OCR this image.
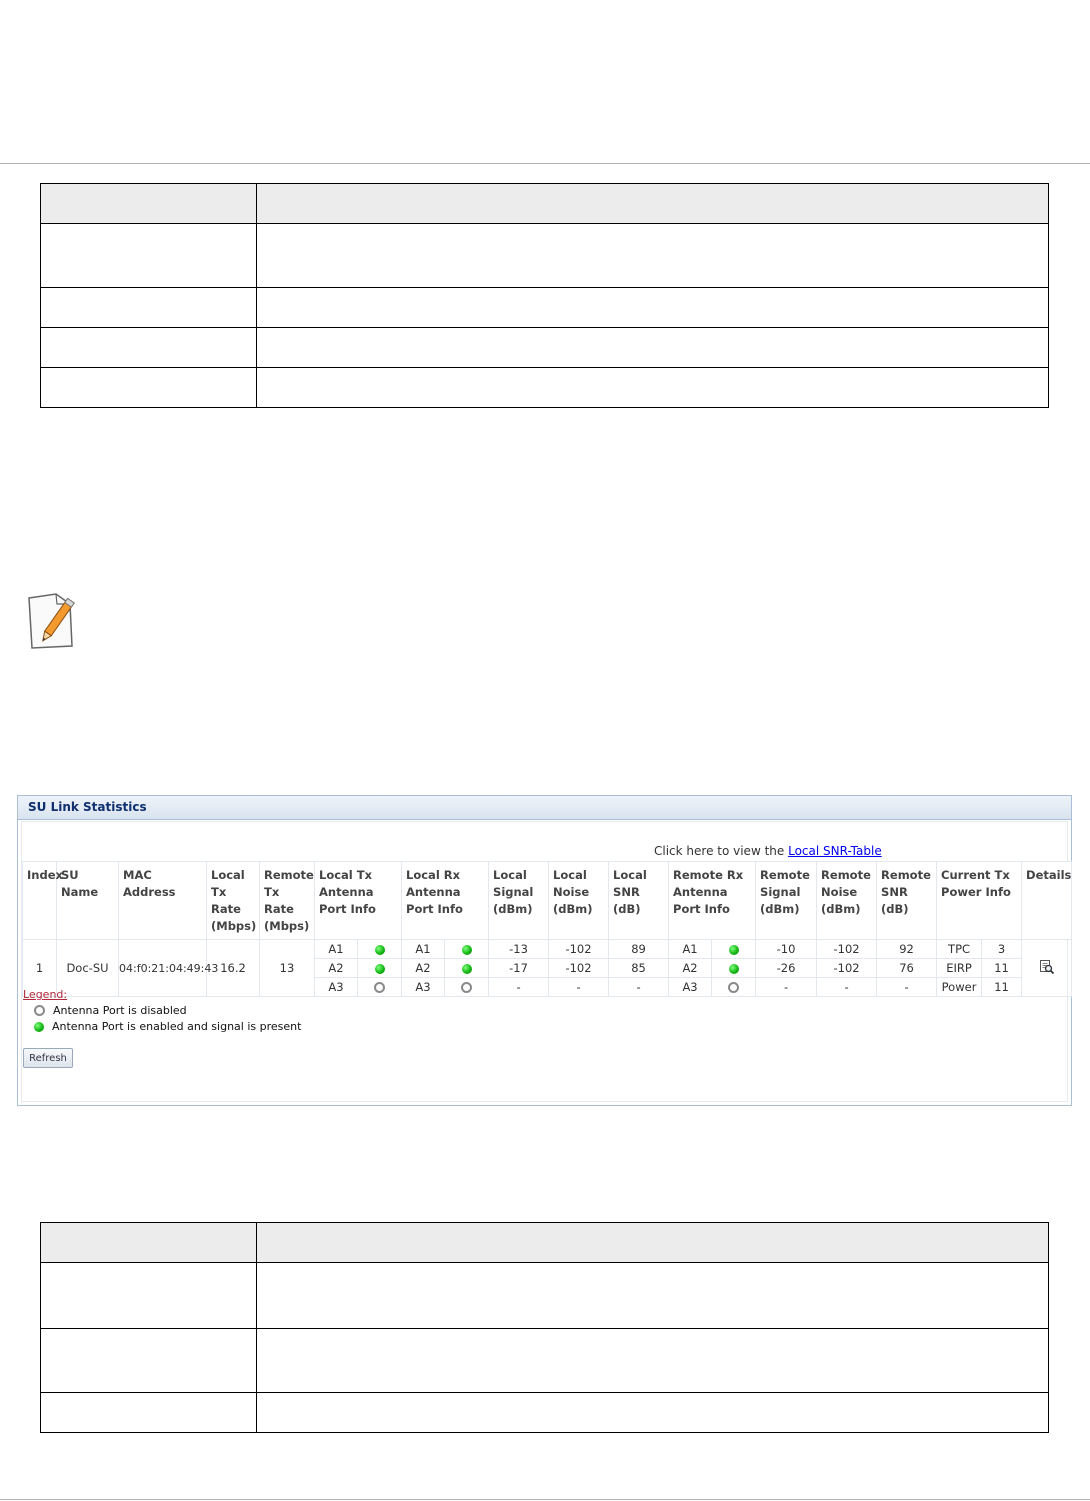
SU Link Statistics
Click here to view the Local SNR-Table
Index	SU Name	MAC Address	Local Tx Rate (Mbps)	Remote Tx Rate (Mbps)	Local Tx Antenna Port Info		Local Rx Antenna Port Info		Local Signal (dBm)	Local Noise (dBm)	Local SNR (dB)	Remote Rx Antenna Port Info		Remote Signal (dBm)	Remote Noise (dBm)	Remote SNR (dB)	Current Tx Power Info		Details
1	Doc-SU	04:f0:21:04:49:43	16.2	13	A1		A1		-13	-102	89	A1		-10	-102	92	TPC	3	
					A2		A2		-17	-102	85	A2		-26	-102	76	EIRP	11	
					A3		A3		-	-	-	A3		-	-	-	Power	11	
Legend:
Antenna Port is disabled
Antenna Port is enabled and signal is present
Refresh
